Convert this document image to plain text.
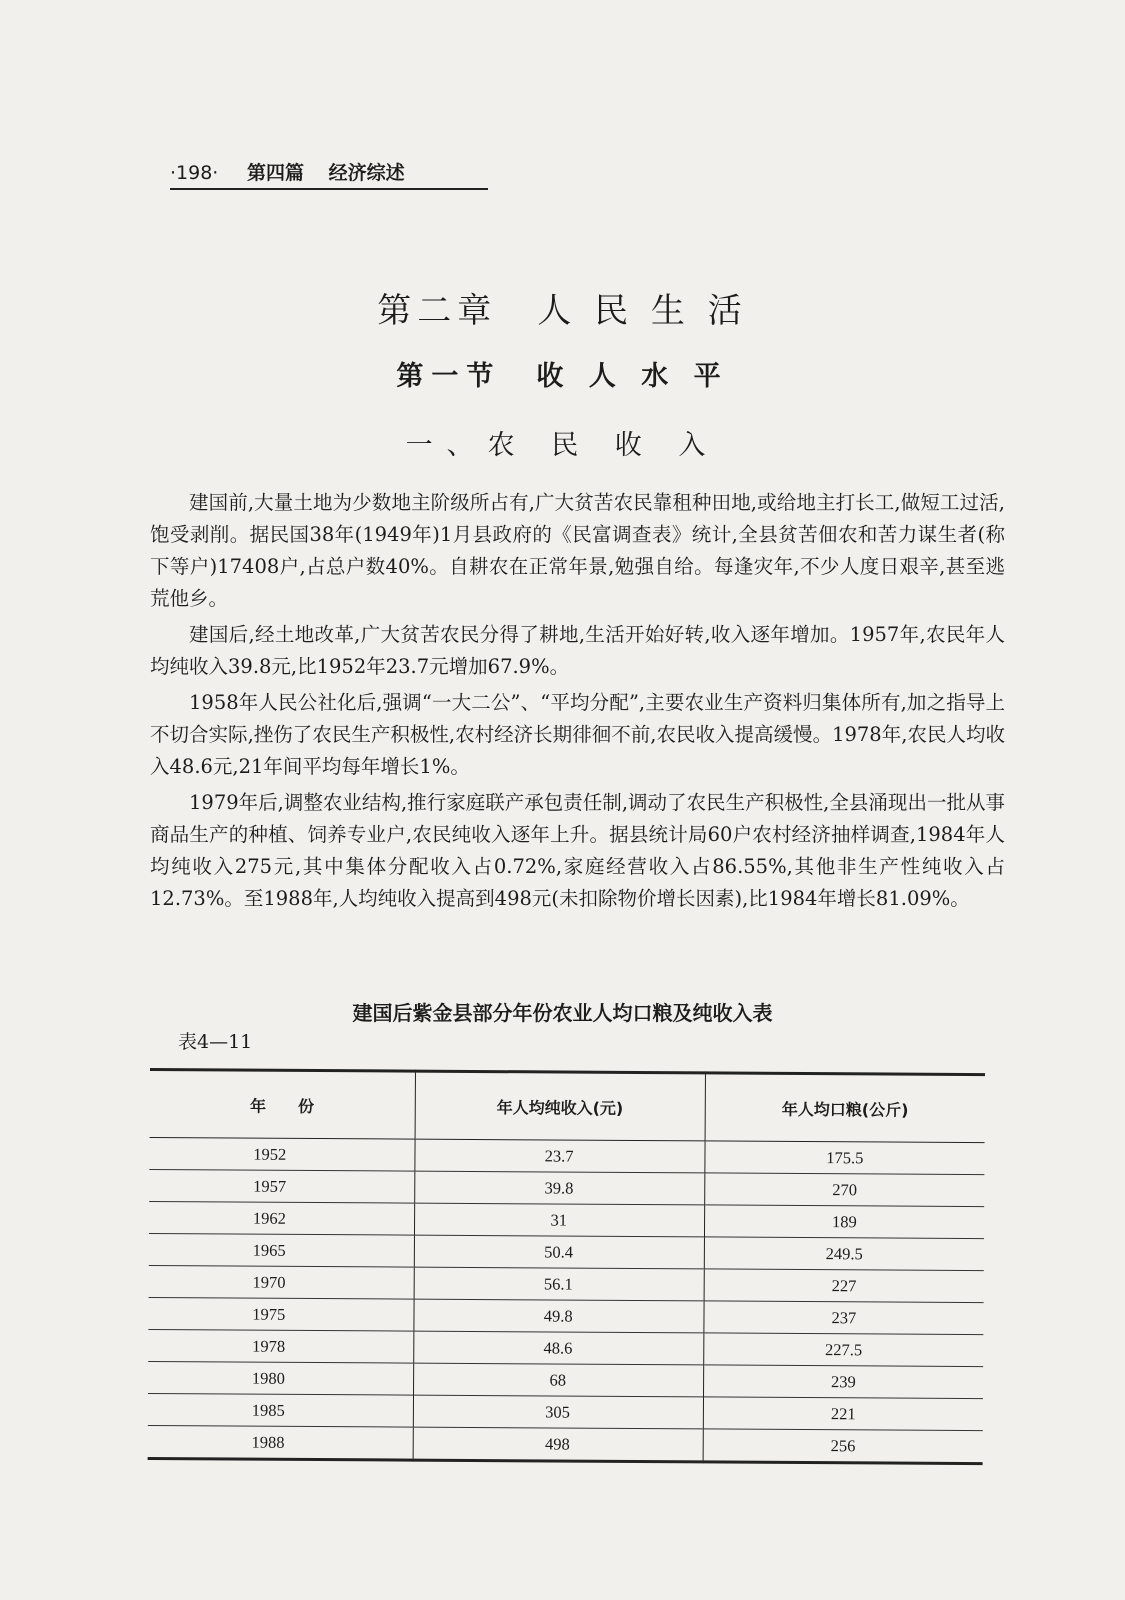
·198· 第四篇 经济综述
第二章　人 民 生 活
第一节　收 人 水 平
一、农 民 收 入

建国前,大量土地为少数地主阶级所占有,广大贫苦农民靠租种田地,或给地主打长工,做短工过活,饱受剥削。据民国38年(1949年)1月县政府的《民富调查表》统计,全县贫苦佃农和苦力谋生者(称下等户)17408户,占总户数40%。自耕农在正常年景,勉强自给。每逢灾年,不少人度日艰辛,甚至逃荒他乡。

建国后,经土地改革,广大贫苦农民分得了耕地,生活开始好转,收入逐年增加。1957年,农民年人均纯收入39.8元,比1952年23.7元增加67.9%。

1958年人民公社化后,强调“一大二公”、“平均分配”,主要农业生产资料归集体所有,加之指导上不切合实际,挫伤了农民生产积极性,农村经济长期徘徊不前,农民收入提高缓慢。1978年,农民人均收入48.6元,21年间平均每年增长1%。

1979年后,调整农业结构,推行家庭联产承包责任制,调动了农民生产积极性,全县涌现出一批从事商品生产的种植、饲养专业户,农民纯收入逐年上升。据县统计局60户农村经济抽样调查,1984年人均纯收入275元,其中集体分配收入占0.72%,家庭经营收入占86.55%,其他非生产性纯收入占12.73%。至1988年,人均纯收入提高到498元(未扣除物价增长因素),比1984年增长81.09%。

建国后紫金县部分年份农业人均口粮及纯收入表
表4—11
年　　份	年人均纯收入(元)	年人均口粮(公斤)
1952	23.7	175.5
1957	39.8	270
1962	31	189
1965	50.4	249.5
1970	56.1	227
1975	49.8	237
1978	48.6	227.5
1980	68	239
1985	305	221
1988	498	256
